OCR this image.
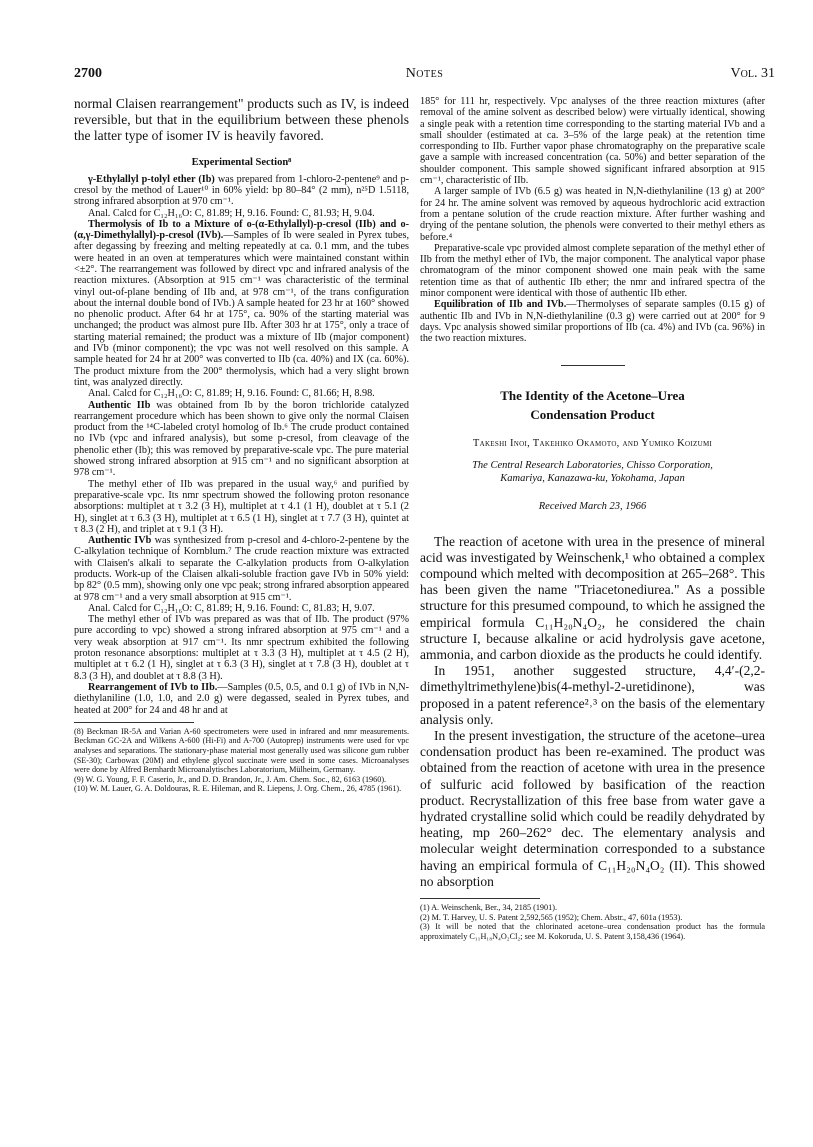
2700	Notes	Vol. 31

normal Claisen rearrangement" products such as IV, is indeed reversible, but that in the equilibrium between these phenols the latter type of isomer IV is heavily favored.

Experimental Section⁸

γ-Ethylallyl p-tolyl ether (Ib) was prepared from 1-chloro-2-pentene⁹ and p-cresol by the method of Lauer¹⁰ in 60% yield: bp 80–84° (2 mm), n²⁵D 1.5118, strong infrared absorption at 970 cm⁻¹.

Anal. Calcd for C₁₂H₁₆O: C, 81.89; H, 9.16. Found: C, 81.93; H, 9.04.

Thermolysis of Ib to a Mixture of o-(α-Ethylallyl)-p-cresol (IIb) and o-(α,γ-Dimethylallyl)-p-cresol (IVb).—Samples of Ib were sealed in Pyrex tubes, after degassing by freezing and melting repeatedly at ca. 0.1 mm, and the tubes were heated in an oven at temperatures which were maintained constant within <±2°. The rearrangement was followed by direct vpc and infrared analysis of the reaction mixtures. (Absorption at 915 cm⁻¹ was characteristic of the terminal vinyl out-of-plane bending of IIb and, at 978 cm⁻¹, of the trans configuration about the internal double bond of IVb.) A sample heated for 23 hr at 160° showed no phenolic product. After 64 hr at 175°, ca. 90% of the starting material was unchanged; the product was almost pure IIb. After 303 hr at 175°, only a trace of starting material remained; the product was a mixture of IIb (major component) and IVb (minor component); the vpc was not well resolved on this sample. A sample heated for 24 hr at 200° was converted to IIb (ca. 40%) and IX (ca. 60%). The product mixture from the 200° thermolysis, which had a very slight brown tint, was analyzed directly.

Anal. Calcd for C₁₂H₁₆O: C, 81.89; H, 9.16. Found: C, 81.66; H, 8.98.

Authentic IIb was obtained from Ib by the boron trichloride catalyzed rearrangement procedure which has been shown to give only the normal Claisen product from the ¹⁴C-labeled crotyl homolog of Ib.⁶ The crude product contained no IVb (vpc and infrared analysis), but some p-cresol, from cleavage of the phenolic ether (Ib); this was removed by preparative-scale vpc. The pure material showed strong infrared absorption at 915 cm⁻¹ and no significant absorption at 978 cm⁻¹.

The methyl ether of IIb was prepared in the usual way,⁶ and purified by preparative-scale vpc. Its nmr spectrum showed the following proton resonance absorptions: multiplet at τ 3.2 (3 H), multiplet at τ 4.1 (1 H), doublet at τ 5.1 (2 H), singlet at τ 6.3 (3 H), multiplet at τ 6.5 (1 H), singlet at τ 7.7 (3 H), quintet at τ 8.3 (2 H), and triplet at τ 9.1 (3 H).

Authentic IVb was synthesized from p-cresol and 4-chloro-2-pentene by the C-alkylation technique of Kornblum.⁷ The crude reaction mixture was extracted with Claisen's alkali to separate the C-alkylation products from O-alkylation products. Work-up of the Claisen alkali-soluble fraction gave IVb in 50% yield: bp 82° (0.5 mm), showing only one vpc peak; strong infrared absorption appeared at 978 cm⁻¹ and a very small absorption at 915 cm⁻¹.

Anal. Calcd for C₁₂H₁₆O: C, 81.89; H, 9.16. Found: C, 81.83; H, 9.07.

The methyl ether of IVb was prepared as was that of IIb. The product (97% pure according to vpc) showed a strong infrared absorption at 975 cm⁻¹ and a very weak absorption at 917 cm⁻¹. Its nmr spectrum exhibited the following proton resonance absorptions: multiplet at τ 3.3 (3 H), multiplet at τ 4.5 (2 H), multiplet at τ 6.2 (1 H), singlet at τ 6.3 (3 H), singlet at τ 7.8 (3 H), doublet at τ 8.3 (3 H), and doublet at τ 8.8 (3 H).

Rearrangement of IVb to IIb.—Samples (0.5, 0.5, and 0.1 g) of IVb in N,N-diethylaniline (1.0, 1.0, and 2.0 g) were degassed, sealed in Pyrex tubes, and heated at 200° for 24 and 48 hr and at

(8) Beckman IR-5A and Varian A-60 spectrometers were used in infrared and nmr measurements. Beckman GC-2A and Wilkens A-600 (Hi-Fi) and A-700 (Autoprep) instruments were used for vpc analyses and separations. The stationary-phase material most generally used was silicone gum rubber (SE-30); Carbowax (20M) and ethylene glycol succinate were used in some cases. Microanalyses were done by Alfred Bernhardt Microanalytisches Laboratorium, Mülheim, Germany.

(9) W. G. Young, F. F. Caserio, Jr., and D. D. Brandon, Jr., J. Am. Chem. Soc., 82, 6163 (1960).

(10) W. M. Lauer, G. A. Doldouras, R. E. Hileman, and R. Liepens, J. Org. Chem., 26, 4785 (1961).

185° for 111 hr, respectively. Vpc analyses of the three reaction mixtures (after removal of the amine solvent as described below) were virtually identical, showing a single peak with a retention time corresponding to the starting material IVb and a small shoulder (estimated at ca. 3–5% of the large peak) at the retention time corresponding to IIb. Further vapor phase chromatography on the preparative scale gave a sample with increased concentration (ca. 50%) and better separation of the shoulder component. This sample showed significant infrared absorption at 915 cm⁻¹, characteristic of IIb.

A larger sample of IVb (6.5 g) was heated in N,N-diethylaniline (13 g) at 200° for 24 hr. The amine solvent was removed by aqueous hydrochloric acid extraction from a pentane solution of the crude reaction mixture. After further washing and drying of the pentane solution, the phenols were converted to their methyl ethers as before.⁴

Preparative-scale vpc provided almost complete separation of the methyl ether of IIb from the methyl ether of IVb, the major component. The analytical vapor phase chromatogram of the minor component showed one main peak with the same retention time as that of authentic IIb ether; the nmr and infrared spectra of the minor component were identical with those of authentic IIb ether.

Equilibration of IIb and IVb.—Thermolyses of separate samples (0.15 g) of authentic IIb and IVb in N,N-diethylaniline (0.3 g) were carried out at 200° for 9 days. Vpc analysis showed similar proportions of IIb (ca. 4%) and IVb (ca. 96%) in the two reaction mixtures.

The Identity of the Acetone–Urea

Condensation Product

Takeshi Inoi, Takehiko Okamoto, and Yumiko Koizumi

The Central Research Laboratories, Chisso Corporation,

Kamariya, Kanazawa-ku, Yokohama, Japan

Received March 23, 1966

The reaction of acetone with urea in the presence of mineral acid was investigated by Weinschenk,¹ who obtained a complex compound which melted with decomposition at 265–268°. This has been given the name "Triacetonediurea." As a possible structure for this presumed compound, to which he assigned the empirical formula C₁₁H₂₀N₄O₂, he considered the chain structure I, because alkaline or acid hydrolysis gave acetone, ammonia, and carbon dioxide as the products he could identify.

In 1951, another suggested structure, 4,4′-(2,2-dimethyltrimethylene)bis(4-methyl-2-uretidinone), was proposed in a patent reference²˒³ on the basis of the elementary analysis only.

In the present investigation, the structure of the acetone–urea condensation product has been re-examined. The product was obtained from the reaction of acetone with urea in the presence of sulfuric acid followed by basification of the reaction product. Recrystallization of this free base from water gave a hydrated crystalline solid which could be readily dehydrated by heating, mp 260–262° dec. The elementary analysis and molecular weight determination corresponded to a substance having an empirical formula of C₁₁H₂₀N₄O₂ (II). This showed no absorption

(1) A. Weinschenk, Ber., 34, 2185 (1901).

(2) M. T. Harvey, U. S. Patent 2,592,565 (1952); Chem. Abstr., 47, 601a (1953).

(3) It will be noted that the chlorinated acetone–urea condensation product has the formula approximately C₁₁H₁₈N₄O₂Cl₂; see M. Kokoruda, U. S. Patent 3,158,436 (1964).
